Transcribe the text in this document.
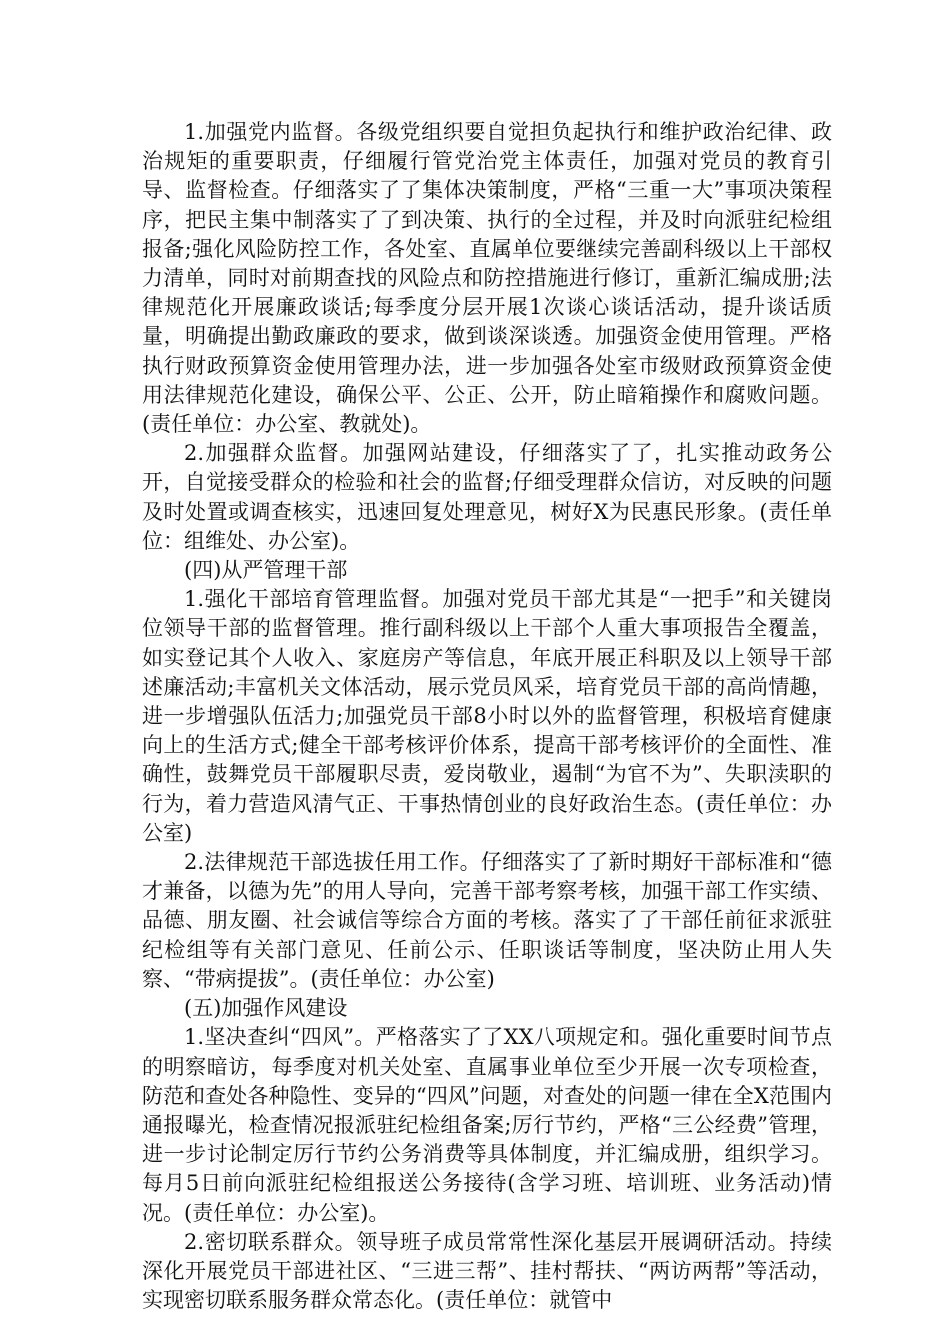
1.加强党内监督。各级党组织要自觉担负起执行和维护政治纪律、政治规矩的重要职责，仔细履行管党治党主体责任，加强对党员的教育引导、监督检查。仔细落实了了集体决策制度，严格“三重一大”事项决策程序，把民主集中制落实了了到决策、执行的全过程，并及时向派驻纪检组报备;强化风险防控工作，各处室、直属单位要继续完善副科级以上干部权力清单，同时对前期查找的风险点和防控措施进行修订，重新汇编成册;法律规范化开展廉政谈话;每季度分层开展1次谈心谈话活动，提升谈话质量，明确提出勤政廉政的要求，做到谈深谈透。加强资金使用管理。严格执行财政预算资金使用管理办法，进一步加强各处室市级财政预算资金使用法律规范化建设，确保公平、公正、公开，防止暗箱操作和腐败问题。(责任单位：办公室、教就处)。

2.加强群众监督。加强网站建设，仔细落实了了，扎实推动政务公开，自觉接受群众的检验和社会的监督;仔细受理群众信访，对反映的问题及时处置或调查核实，迅速回复处理意见，树好X为民惠民形象。(责任单位：组维处、办公室)。

(四)从严管理干部

1.强化干部培育管理监督。加强对党员干部尤其是“一把手”和关键岗位领导干部的监督管理。推行副科级以上干部个人重大事项报告全覆盖，如实登记其个人收入、家庭房产等信息，年底开展正科职及以上领导干部述廉活动;丰富机关文体活动，展示党员风采，培育党员干部的高尚情趣，进一步增强队伍活力;加强党员干部8小时以外的监督管理，积极培育健康向上的生活方式;健全干部考核评价体系，提高干部考核评价的全面性、准确性，鼓舞党员干部履职尽责，爱岗敬业，遏制“为官不为”、失职渎职的行为，着力营造风清气正、干事热情创业的良好政治生态。(责任单位：办公室)

2.法律规范干部选拔任用工作。仔细落实了了新时期好干部标准和“德才兼备，以德为先”的用人导向，完善干部考察考核，加强干部工作实绩、品德、朋友圈、社会诚信等综合方面的考核。落实了了干部任前征求派驻纪检组等有关部门意见、任前公示、任职谈话等制度，坚决防止用人失察、“带病提拔”。(责任单位：办公室)

(五)加强作风建设

1.坚决查纠“四风”。严格落实了了XX八项规定和。强化重要时间节点的明察暗访，每季度对机关处室、直属事业单位至少开展一次专项检查，防范和查处各种隐性、变异的“四风”问题，对查处的问题一律在全X范围内通报曝光，检查情况报派驻纪检组备案;厉行节约，严格“三公经费”管理，进一步讨论制定厉行节约公务消费等具体制度，并汇编成册，组织学习。每月5日前向派驻纪检组报送公务接待(含学习班、培训班、业务活动)情况。(责任单位：办公室)。

2.密切联系群众。领导班子成员常常性深化基层开展调研活动。持续深化开展党员干部进社区、“三进三帮”、挂村帮扶、“两访两帮”等活动，实现密切联系服务群众常态化。(责任单位：就管中
